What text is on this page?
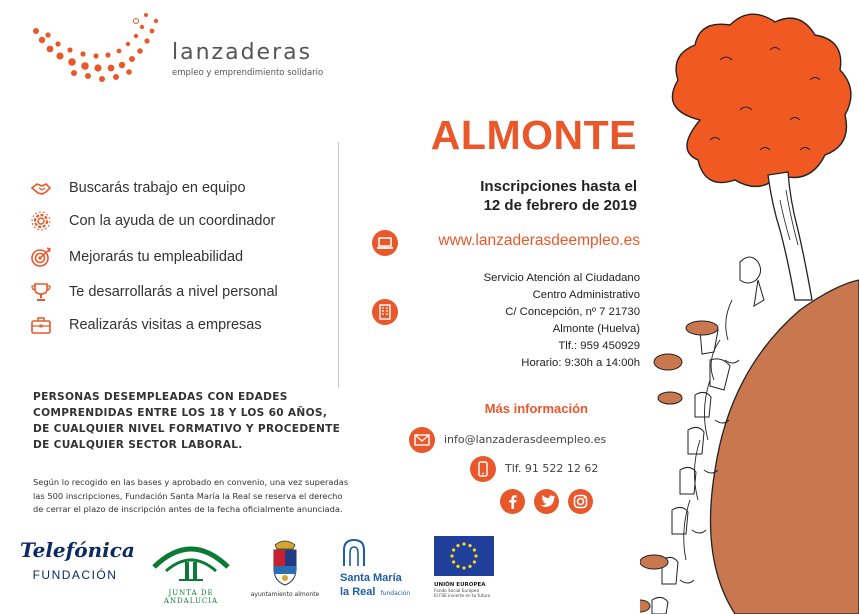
lanzaderas
empleo y emprendimiento solidario
Buscarás trabajo en equipo
Con la ayuda de un coordinador
Mejorarás tu empleabilidad
Te desarrollarás a nivel personal
Realizarás visitas a empresas
PERSONAS DESEMPLEADAS CON EDADES
COMPRENDIDAS ENTRE LOS 18 Y LOS 60 AÑOS,
DE CUALQUIER NIVEL FORMATIVO Y PROCEDENTE
DE CUALQUIER SECTOR LABORAL.
Según lo recogido en las bases y aprobado en convenio, una vez superadas
las 500 inscripciones, Fundación Santa María la Real se reserva el derecho
de cerrar el plazo de inscripción antes de la fecha oficialmente anunciada.
ALMONTE
Inscripciones hasta el
12 de febrero de 2019
www.lanzaderasdeempleo.es
Servicio Atención al Ciudadano
Centro Administrativo
C/ Concepción, nº 7 21730
Almonte (Huelva)
Tlf.: 959 450929
Horario: 9:30h a 14:00h
Más información
info@lanzaderasdeempleo.es
Tlf. 91 522 12 62
Telefónica
FUNDACIÓN
JUNTA DE ANDALUCIA
ayuntamiento almonte
Santa María
la Real fundación
UNIÓN EUROPEA
Fondo Social Europeo
El FSE invierte en tu futuro
